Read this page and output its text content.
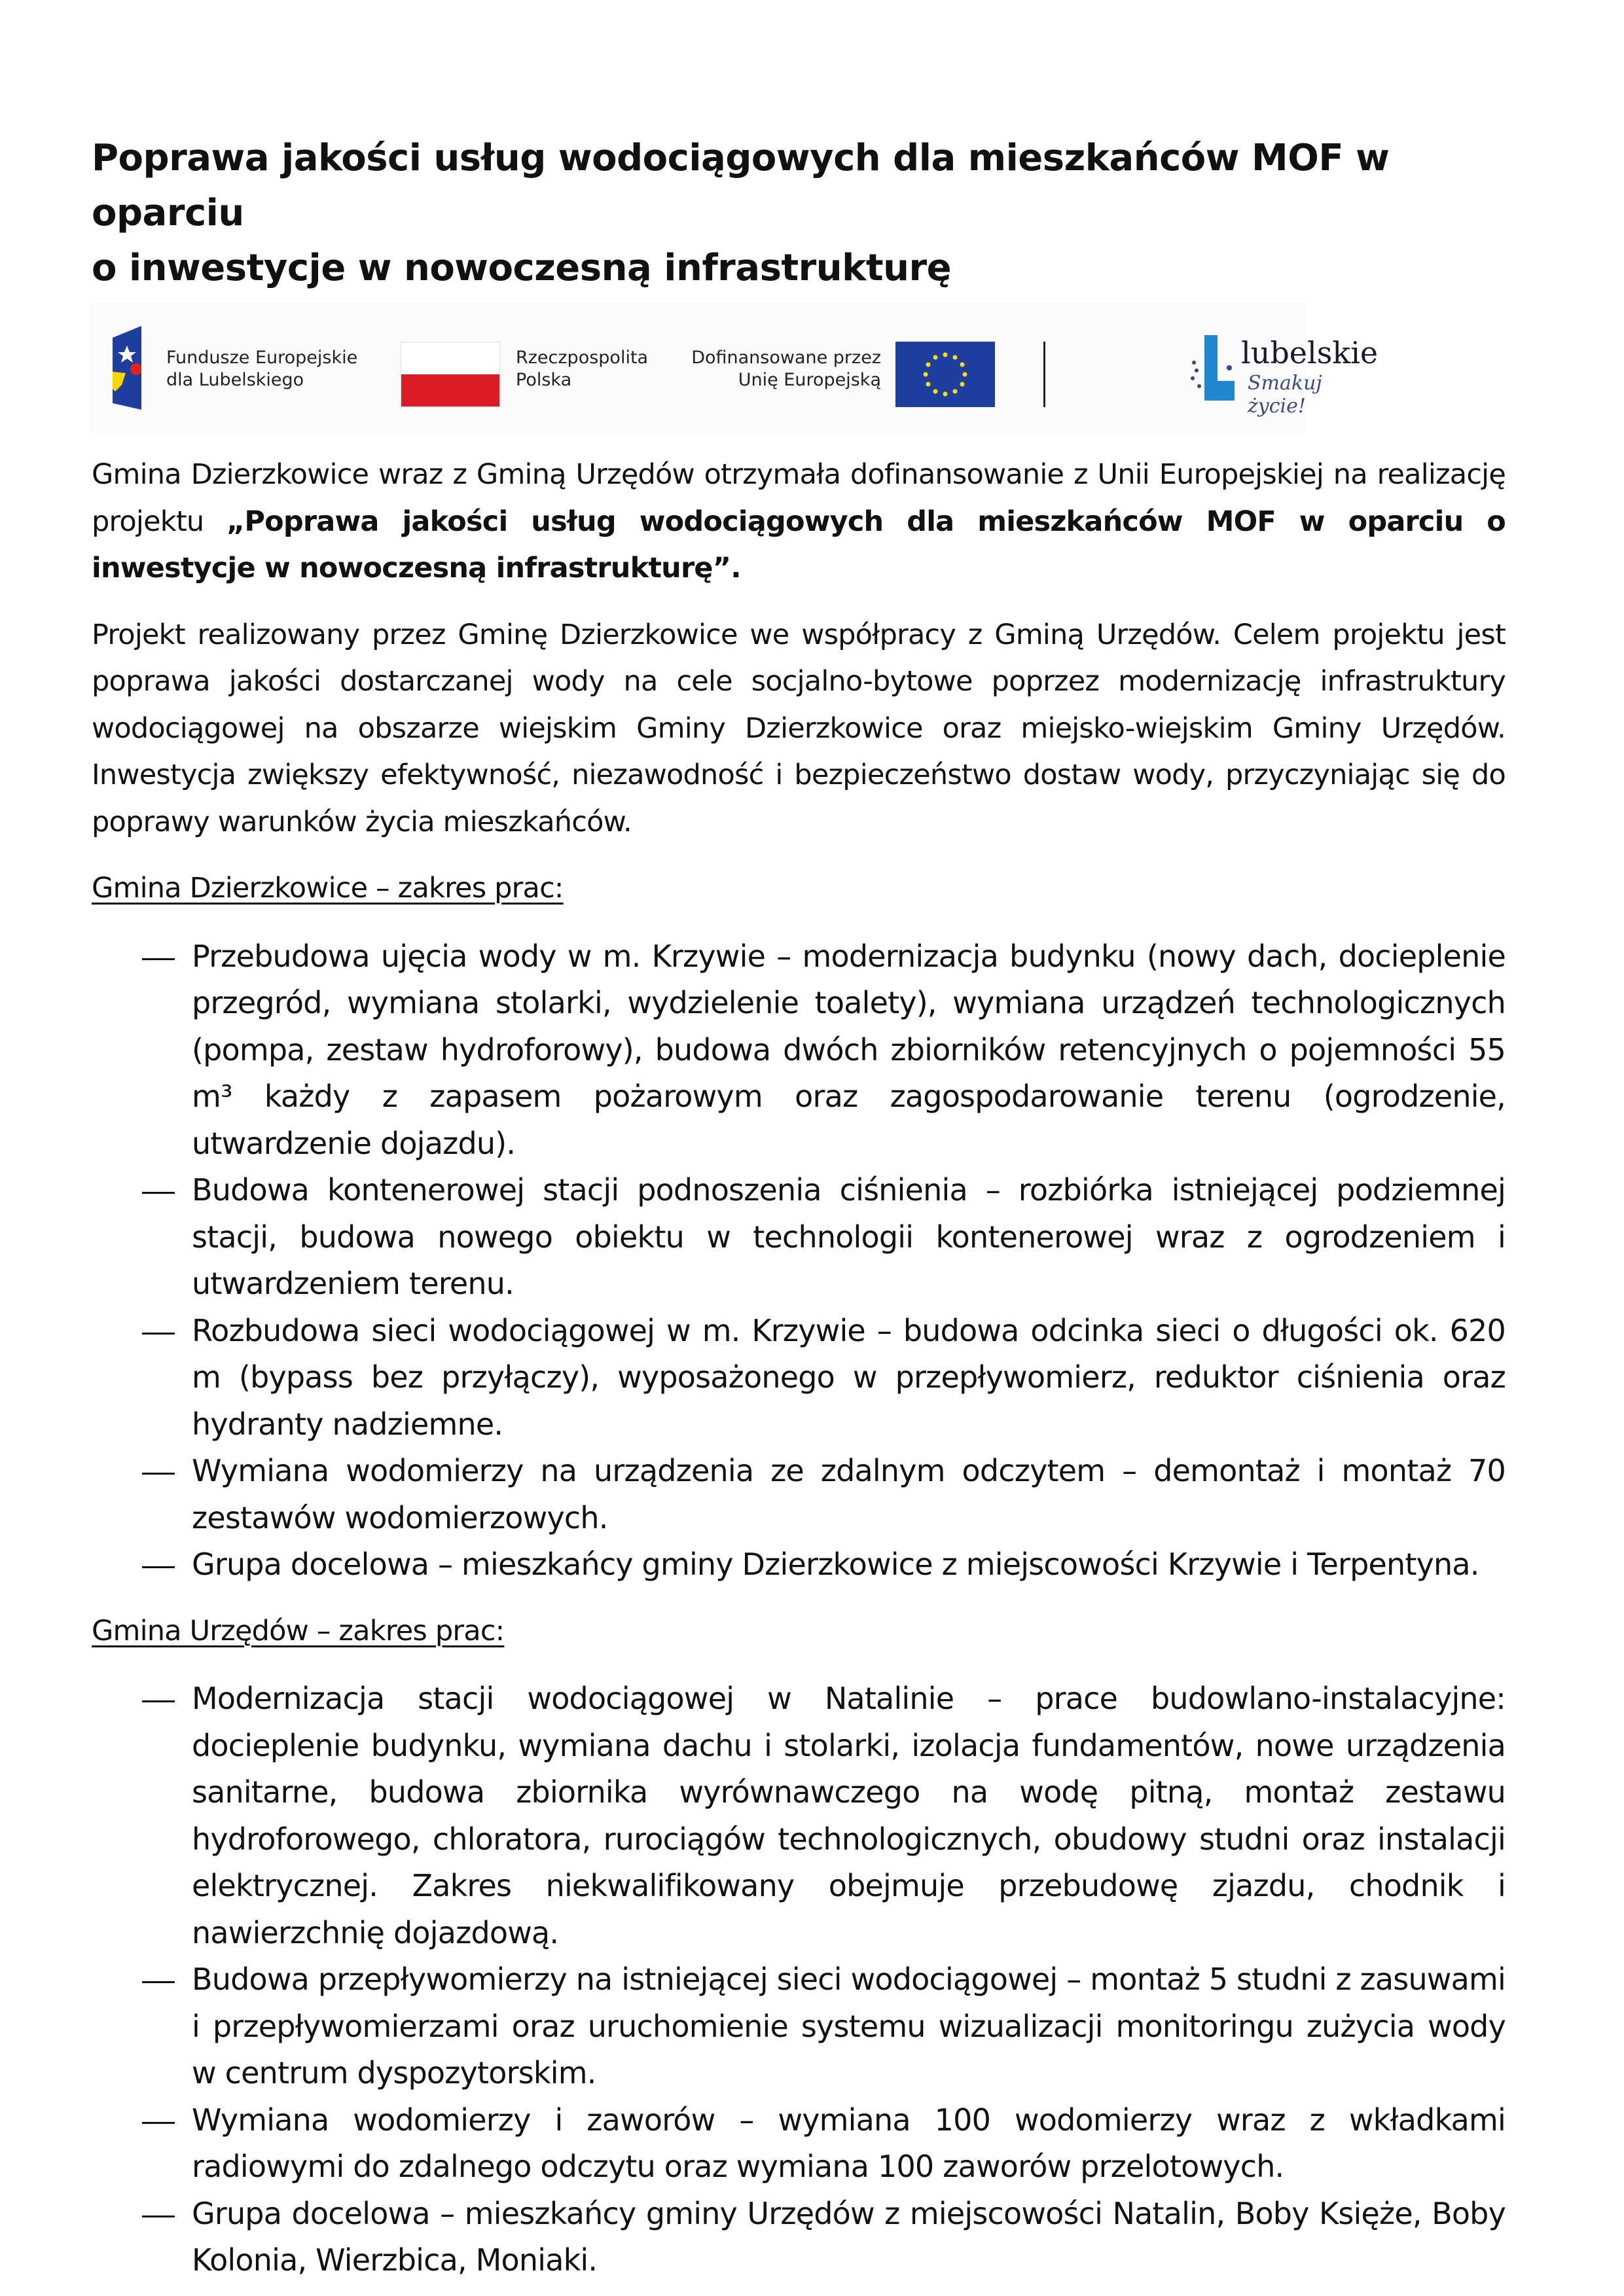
Poprawa jakości usług wodociągowych dla mieszkańców MOF w oparciu
o inwestycje w nowoczesną infrastrukturę
Fundusze Europejskie
dla Lubelskiego
Rzeczpospolita
Polska
Dofinansowane przez
Unię Europejską
lubelskie
Smakuj życie!

Gmina Dzierzkowice wraz z Gminą Urzędów otrzymała dofinansowanie z Unii Europejskiej na realizację projektu „Poprawa jakości usług wodociągowych dla mieszkańców MOF w oparciu o inwestycje w nowoczesną infrastrukturę”.

Projekt realizowany przez Gminę Dzierzkowice we współpracy z Gminą Urzędów. Celem projektu jest poprawa jakości dostarczanej wody na cele socjalno-bytowe poprzez modernizację infrastruktury wodociągowej na obszarze wiejskim Gminy Dzierzkowice oraz miejsko-wiejskim Gminy Urzędów. Inwestycja zwiększy efektywność, niezawodność i bezpieczeństwo dostaw wody, przyczyniając się do poprawy warunków życia mieszkańców.

Gmina Dzierzkowice – zakres prac:

Przebudowa ujęcia wody w m. Krzywie – modernizacja budynku (nowy dach, docieplenie przegród, wymiana stolarki, wydzielenie toalety), wymiana urządzeń technologicznych (pompa, zestaw hydroforowy), budowa dwóch zbiorników retencyjnych o pojemności 55 m³ każdy z zapasem pożarowym oraz zagospodarowanie terenu (ogrodzenie, utwardzenie dojazdu).
Budowa kontenerowej stacji podnoszenia ciśnienia – rozbiórka istniejącej podziemnej stacji, budowa nowego obiektu w technologii kontenerowej wraz z ogrodzeniem i utwardzeniem terenu.
Rozbudowa sieci wodociągowej w m. Krzywie – budowa odcinka sieci o długości ok. 620 m (bypass bez przyłączy), wyposażonego w przepływomierz, reduktor ciśnienia oraz hydranty nadziemne.
Wymiana wodomierzy na urządzenia ze zdalnym odczytem – demontaż i montaż 70 zestawów wodomierzowych.
Grupa docelowa – mieszkańcy gminy Dzierzkowice z miejscowości Krzywie i Terpentyna.

Gmina Urzędów – zakres prac:

Modernizacja stacji wodociągowej w Natalinie – prace budowlano-instalacyjne: docieplenie budynku, wymiana dachu i stolarki, izolacja fundamentów, nowe urządzenia sanitarne, budowa zbiornika wyrównawczego na wodę pitną, montaż zestawu hydroforowego, chloratora, rurociągów technologicznych, obudowy studni oraz instalacji elektrycznej. Zakres niekwalifikowany obejmuje przebudowę zjazdu, chodnik i nawierzchnię dojazdową.
Budowa przepływomierzy na istniejącej sieci wodociągowej – montaż 5 studni z zasuwami i przepływomierzami oraz uruchomienie systemu wizualizacji monitoringu zużycia wody w centrum dyspozytorskim.
Wymiana wodomierzy i zaworów – wymiana 100 wodomierzy wraz z wkładkami radiowymi do zdalnego odczytu oraz wymiana 100 zaworów przelotowych.
Grupa docelowa – mieszkańcy gminy Urzędów z miejscowości Natalin, Boby Księże, Boby Kolonia, Wierzbica, Moniaki.
